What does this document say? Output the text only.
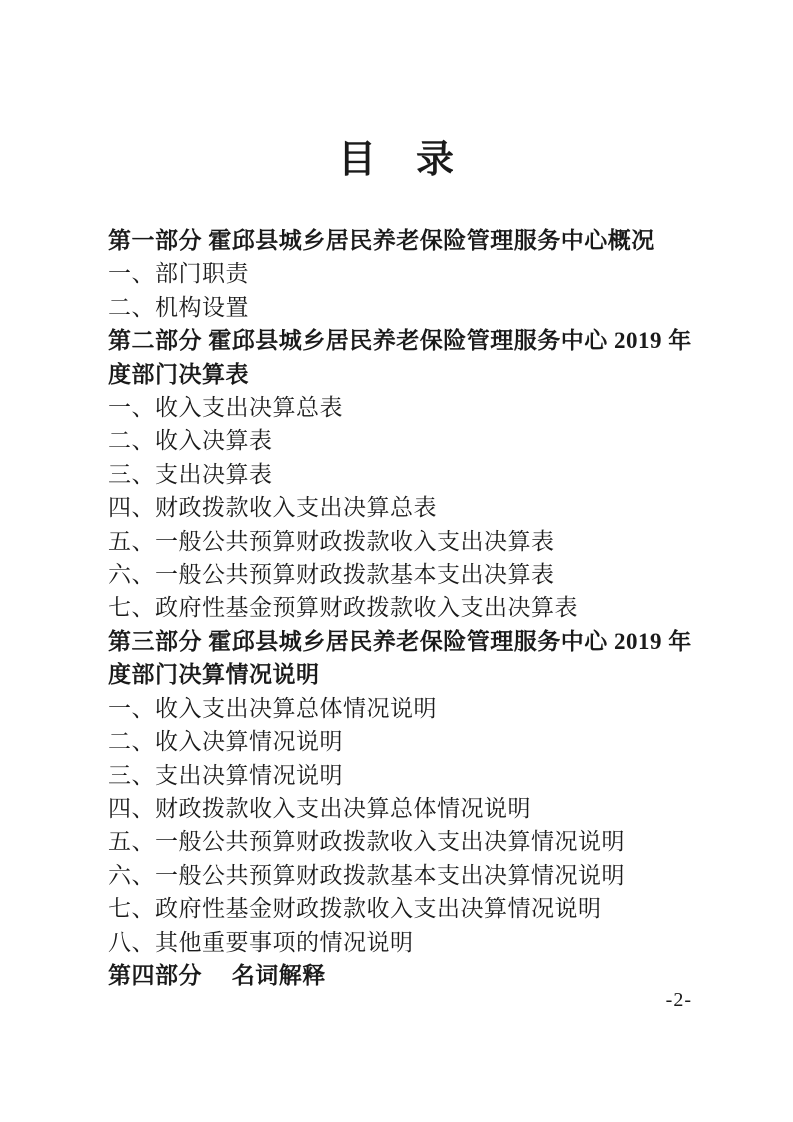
目　录
第一部分 霍邱县城乡居民养老保险管理服务中心概况
一、部门职责
二、机构设置
第二部分 霍邱县城乡居民养老保险管理服务中心 2019 年度部门决算表
一、收入支出决算总表
二、收入决算表
三、支出决算表
四、财政拨款收入支出决算总表
五、一般公共预算财政拨款收入支出决算表
六、一般公共预算财政拨款基本支出决算表
七、政府性基金预算财政拨款收入支出决算表
第三部分 霍邱县城乡居民养老保险管理服务中心 2019 年度部门决算情况说明
一、收入支出决算总体情况说明
二、收入决算情况说明
三、支出决算情况说明
四、财政拨款收入支出决算总体情况说明
五、一般公共预算财政拨款收入支出决算情况说明
六、一般公共预算财政拨款基本支出决算情况说明
七、政府性基金财政拨款收入支出决算情况说明
八、其他重要事项的情况说明
第四部分　 名词解释
-2-
